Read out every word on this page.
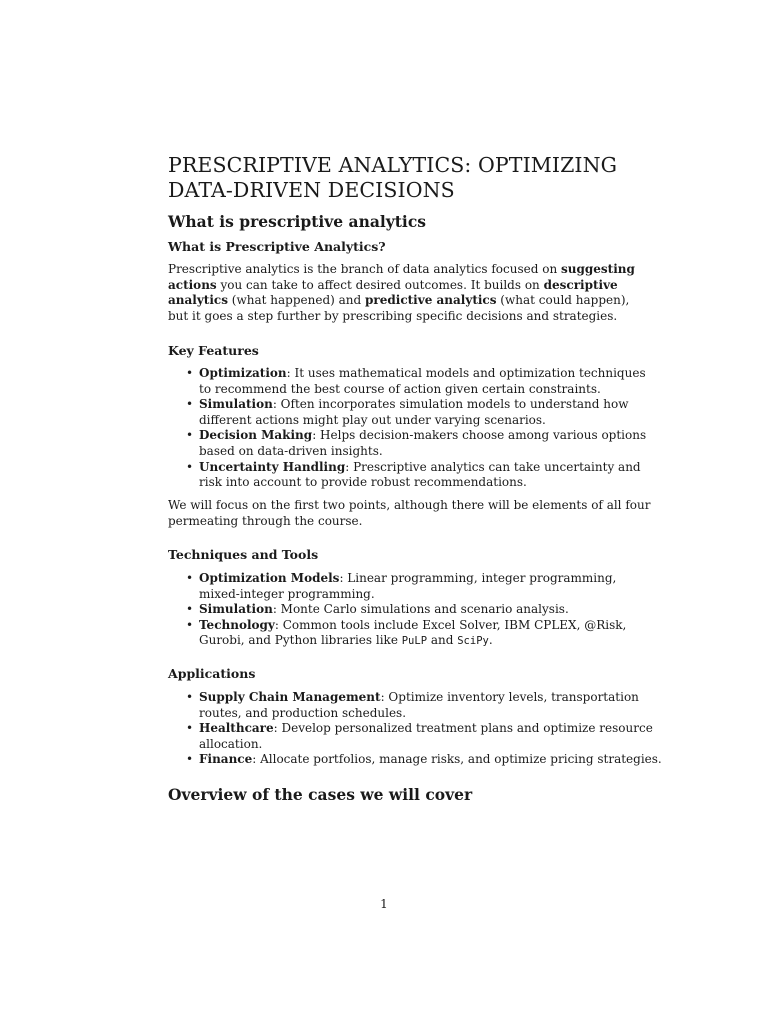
PRESCRIPTIVE ANALYTICS: OPTIMIZING
DATA-DRIVEN DECISIONS
What is prescriptive analytics
What is Prescriptive Analytics?

Prescriptive analytics is the branch of data analytics focused on suggesting
actions you can take to affect desired outcomes. It builds on descriptive
analytics (what happened) and predictive analytics (what could happen),
but it goes a step further by prescribing specific decisions and strategies.

Key Features
• Optimization: It uses mathematical models and optimization techniques
to recommend the best course of action given certain constraints.
• Simulation: Often incorporates simulation models to understand how
different actions might play out under varying scenarios.
• Decision Making: Helps decision-makers choose among various options
based on data-driven insights.
• Uncertainty Handling: Prescriptive analytics can take uncertainty and
risk into account to provide robust recommendations.

We will focus on the first two points, although there will be elements of all four
permeating through the course.

Techniques and Tools
• Optimization Models: Linear programming, integer programming,
mixed-integer programming.
• Simulation: Monte Carlo simulations and scenario analysis.
• Technology: Common tools include Excel Solver, IBM CPLEX, @Risk,
Gurobi, and Python libraries like PuLP and SciPy.
Applications
• Supply Chain Management: Optimize inventory levels, transportation
routes, and production schedules.
• Healthcare: Develop personalized treatment plans and optimize resource
allocation.
• Finance: Allocate portfolios, manage risks, and optimize pricing strategies.
Overview of the cases we will cover
1
